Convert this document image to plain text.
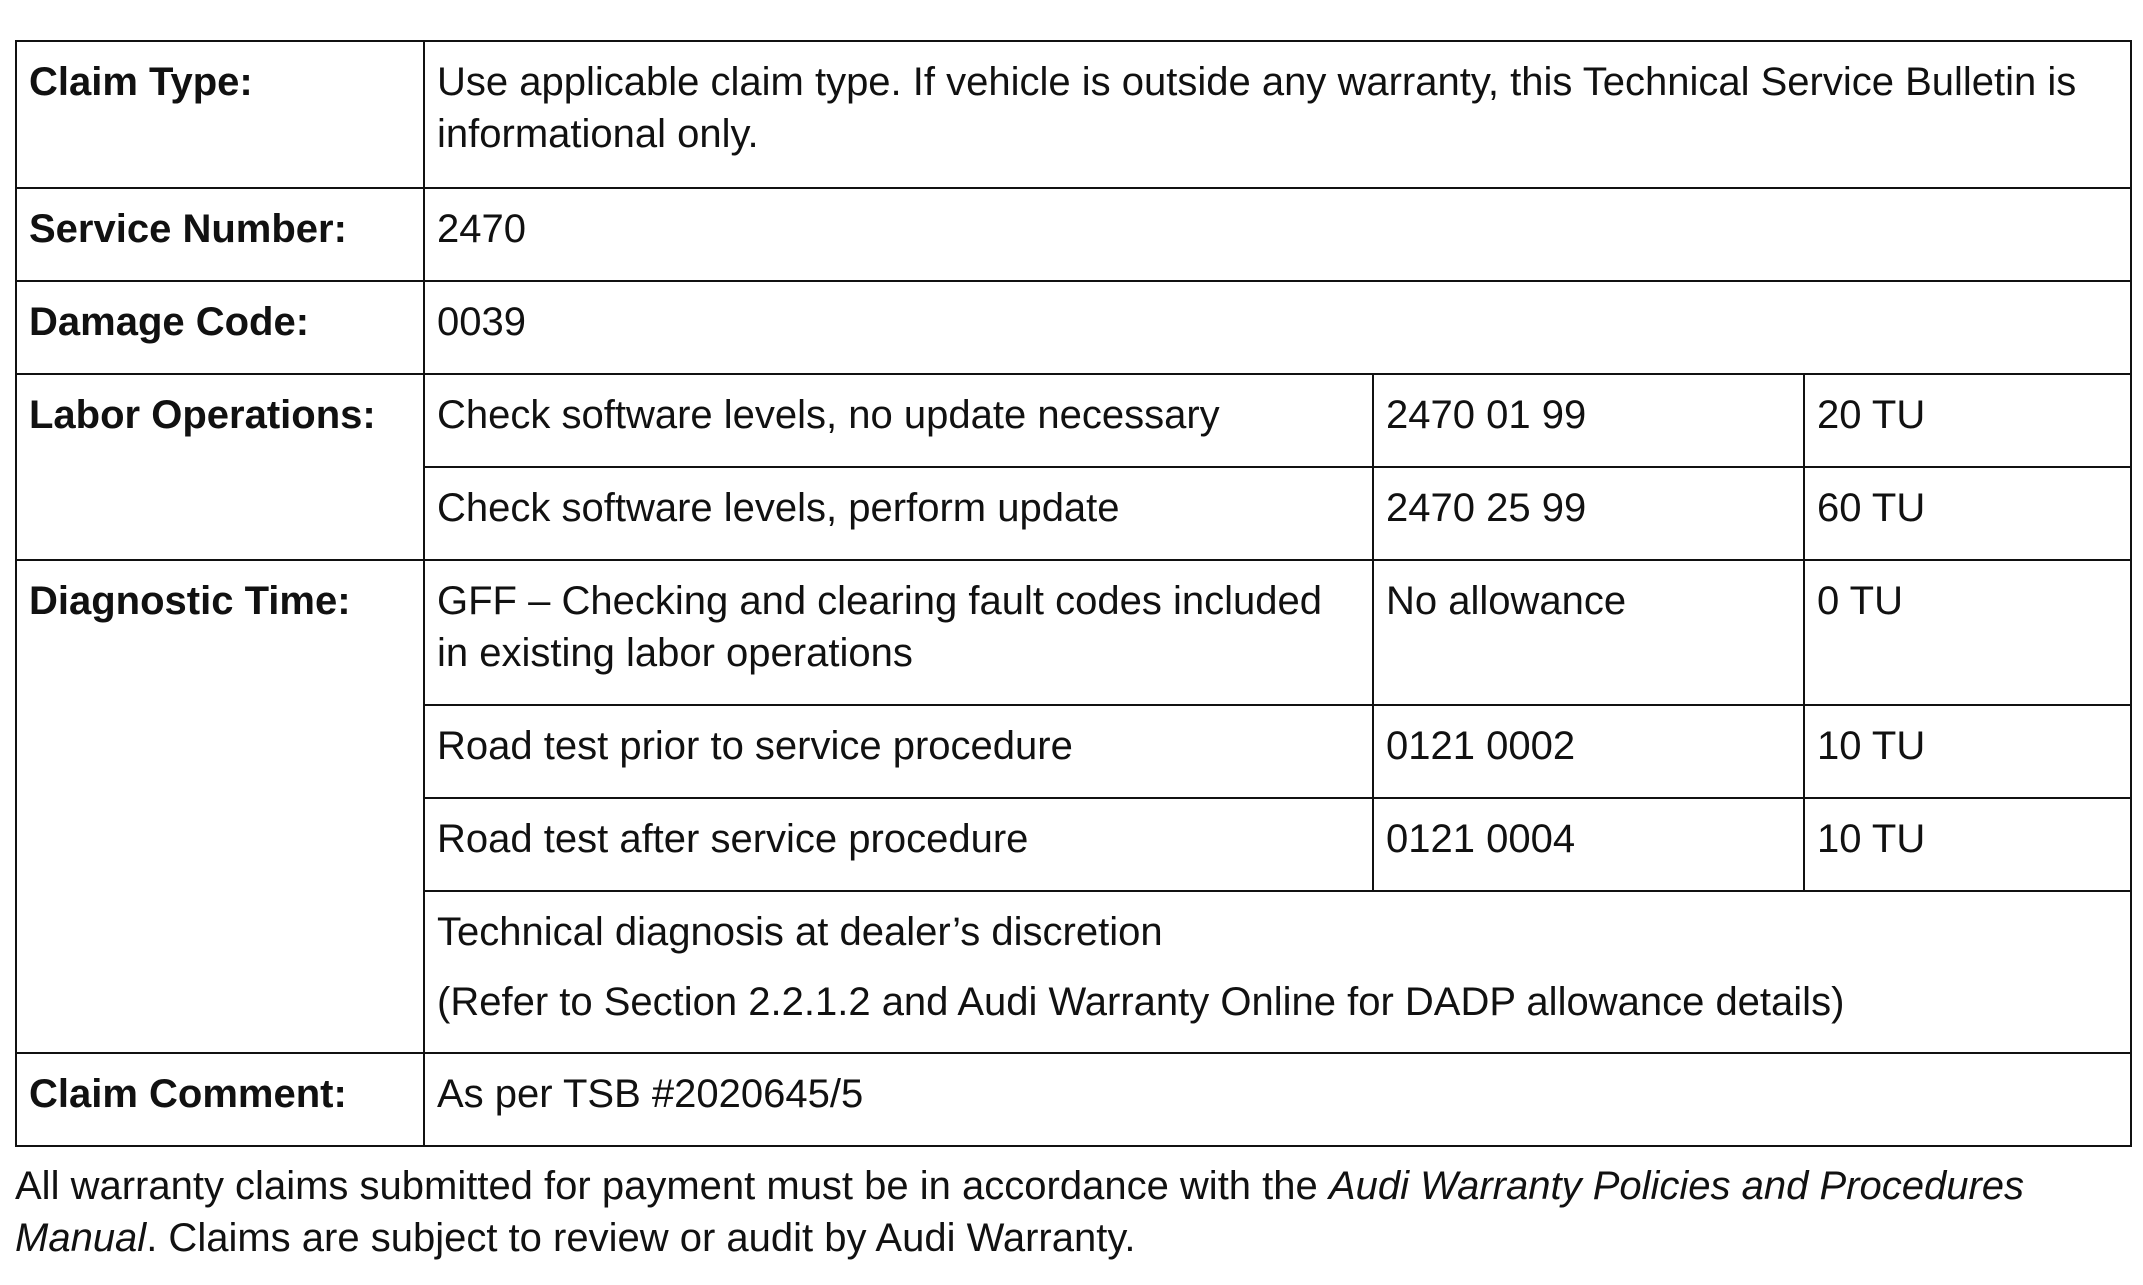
Claim Type:	Use applicable claim type. If vehicle is outside any warranty, this Technical Service Bulletin is informational only.		
Service Number:	2470		
Damage Code:	0039		
Labor Operations:	Check software levels, no update necessary	2470 01 99	20 TU
	Check software levels, perform update	2470 25 99	60 TU
Diagnostic Time:	GFF – Checking and clearing fault codes included in existing labor operations	No allowance	0 TU
	Road test prior to service procedure	0121 0002	10 TU
	Road test after service procedure	0121 0004	10 TU

	Technical diagnosis at dealer’s discretion
(Refer to Section 2.2.1.2 and Audi Warranty Online for DADP allowance details)		

Claim Comment:	As per TSB #2020645/5		
All warranty claims submitted for payment must be in accordance with the Audi Warranty Policies and Procedures Manual. Claims are subject to review or audit by Audi Warranty.
